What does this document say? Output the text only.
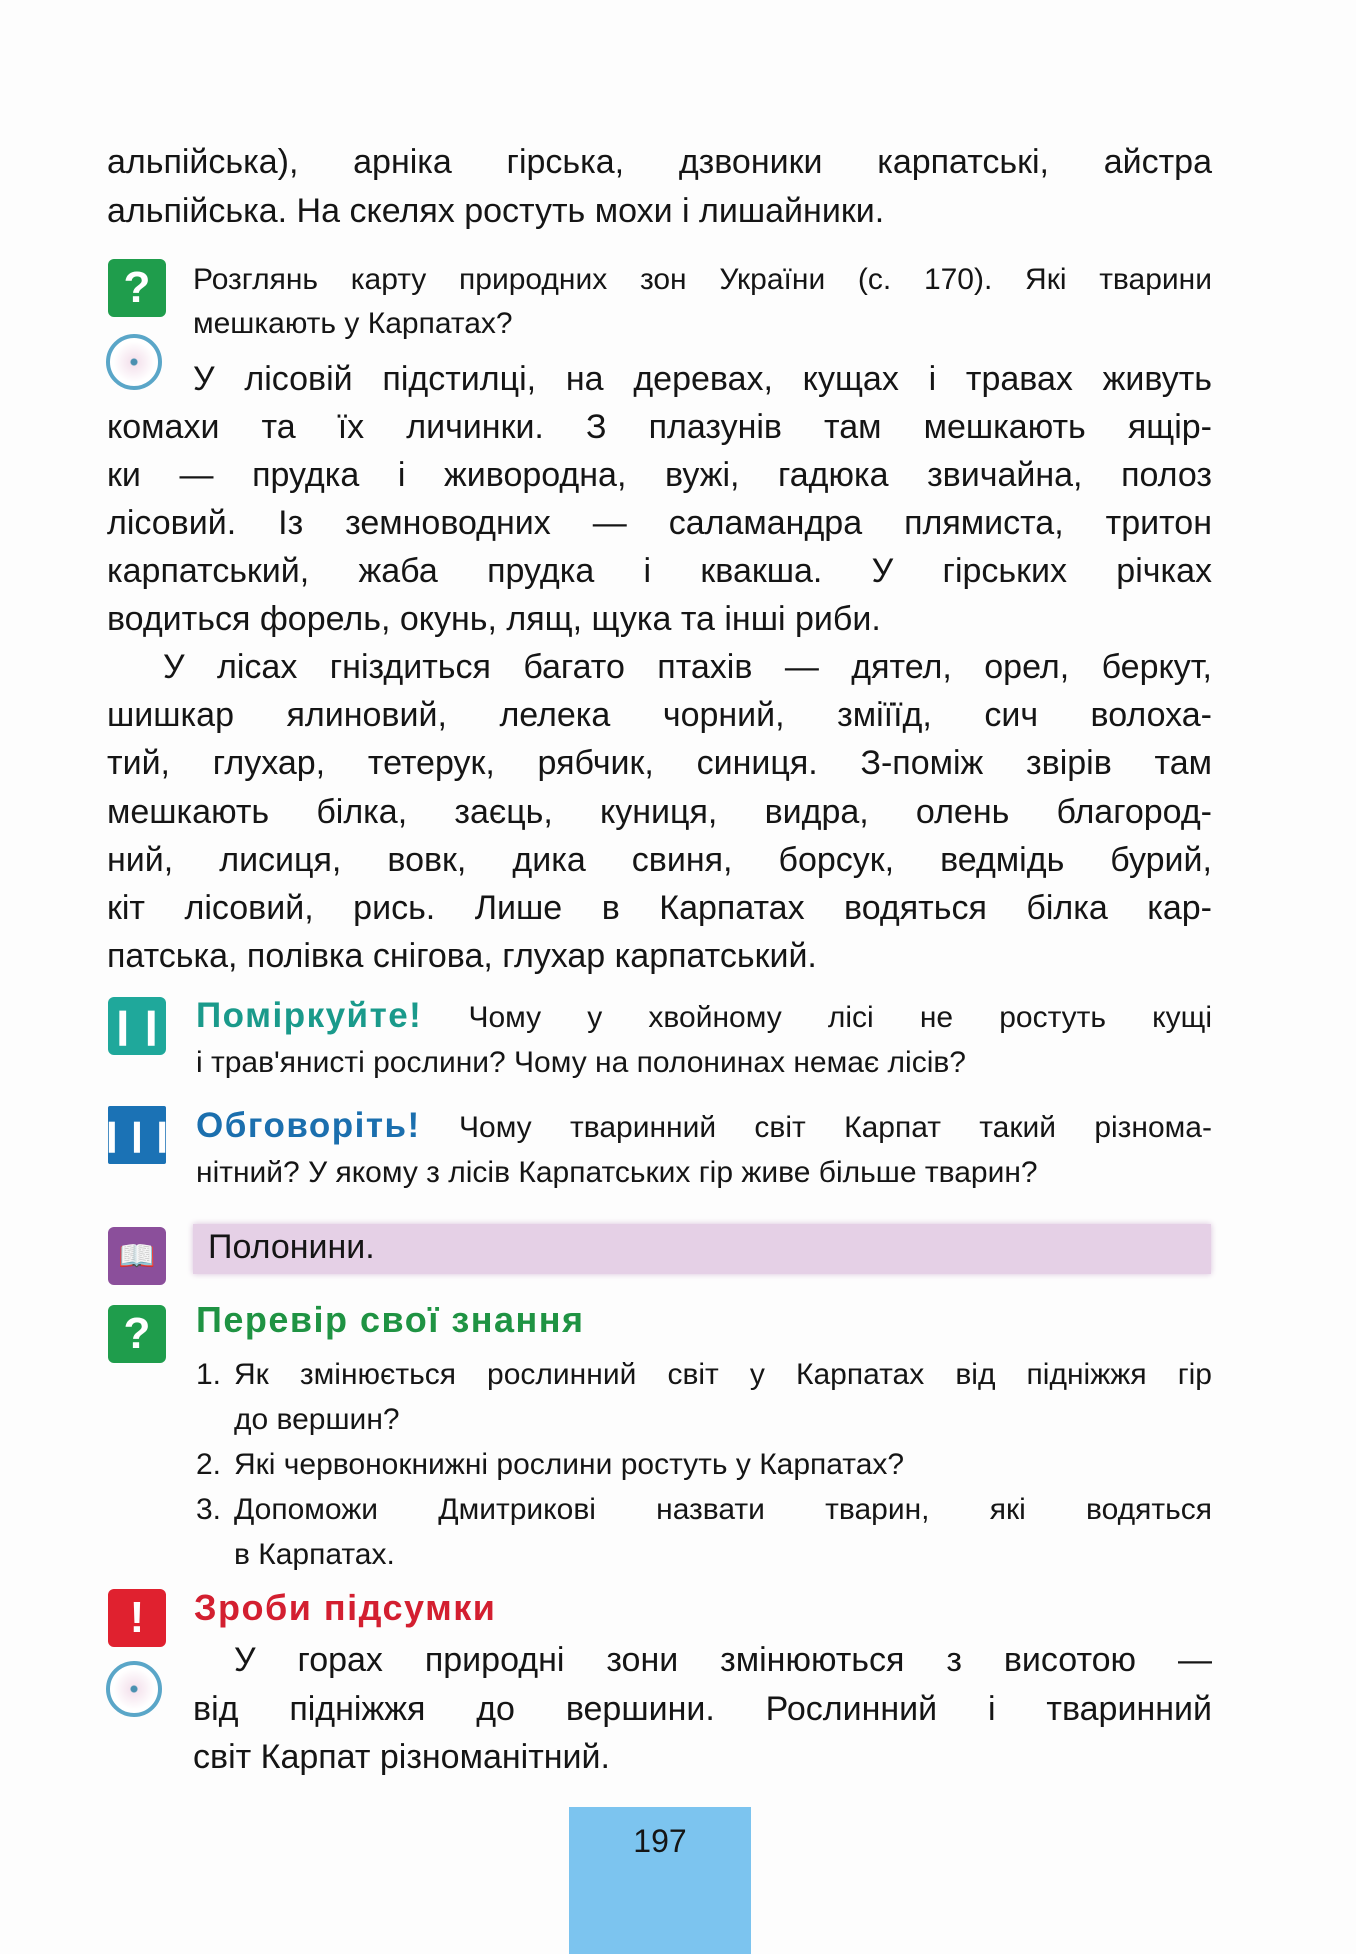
альпійська), арніка гірська, дзвоники карпатські, айстра
альпійська. На скелях ростуть мохи і лишайники.
?	Розглянь карту природних зон України (с. 170). Які тварини
мешкають у Карпатах?
У лісовій підстилці, на деревах, кущах і травах живуть
комахи та їх личинки. З плазунів там мешкають ящір-
ки — прудка і живородна, вужі, гадюка звичайна, полоз
лісовий. Із земноводних — саламандра плямиста, тритон
карпатський, жаба прудка і квакша. У гірських річках
водиться форель, окунь, лящ, щука та інші риби.
У лісах гніздиться багато птахів — дятел, орел, беркут,
шишкар ялиновий, лелека чорний, зміїїд, сич волоха-
тий, глухар, тетерук, рябчик, синиця. З-поміж звірів там
мешкають білка, заєць, куниця, видра, олень благород-
ний, лисиця, вовк, дика свиня, борсук, ведмідь бурий,
кіт лісовий, рись. Лише в Карпатах водяться білка кар-
патська, полівка снігова, глухар карпатський.
❙❙ Поміркуйте! Чому у хвойному лісі не ростуть кущі
і трав'янисті рослини? Чому на полонинах немає лісів?
❙❙❙ Обговоріть! Чому тваринний світ Карпат такий різнома-
нітний? У якому з лісів Карпатських гір живе більше тварин?
📖	Полонини.
?	Перевір свої знання
1. Як змінюється рослинний світ у Карпатах від підніжжя гір
до вершин?
2. Які червонокнижні рослини ростуть у Карпатах?
3. Допоможи Дмитрикові назвати тварин, які водяться
в Карпатах.
!	Зроби підсумки
У горах природні зони змінюються з висотою —
від підніжжя до вершини. Рослинний і тваринний
світ Карпат різноманітний.
197
